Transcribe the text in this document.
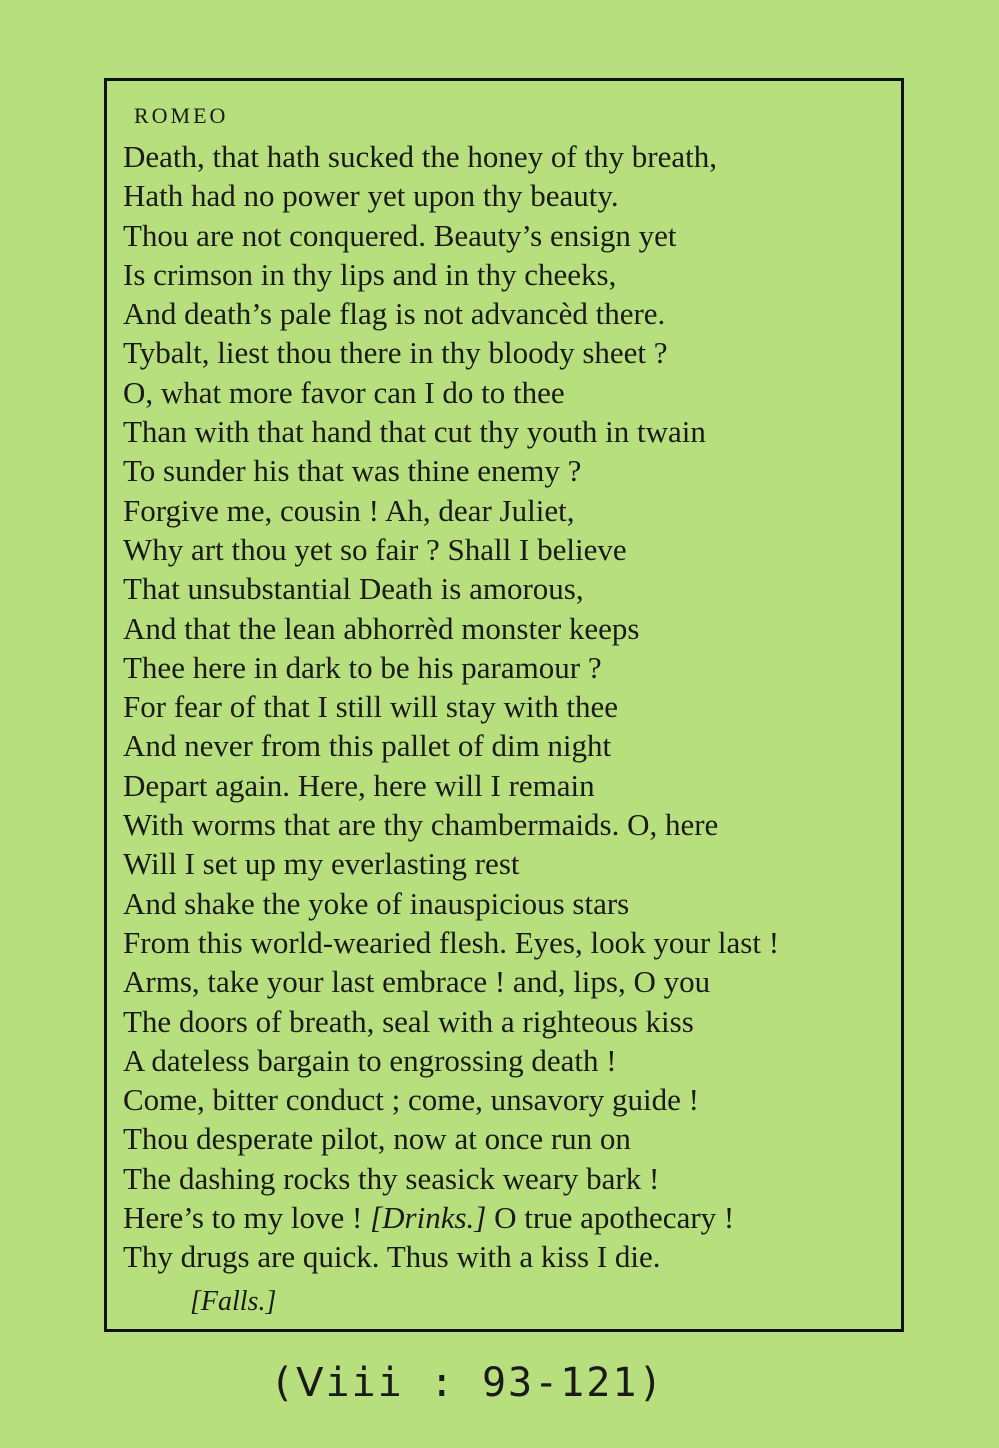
ROMEO
Death, that hath sucked the honey of thy breath,
Hath had no power yet upon thy beauty.
Thou are not conquered. Beauty’s ensign yet
Is crimson in thy lips and in thy cheeks,
And death’s pale flag is not advancèd there.
Tybalt, liest thou there in thy bloody sheet ?
O, what more favor can I do to thee
Than with that hand that cut thy youth in twain
To sunder his that was thine enemy ?
Forgive me, cousin ! Ah, dear Juliet,
Why art thou yet so fair ? Shall I believe
That unsubstantial Death is amorous,
And that the lean abhorrèd monster keeps
Thee here in dark to be his paramour ?
For fear of that I still will stay with thee
And never from this pallet of dim night
Depart again. Here, here will I remain
With worms that are thy chambermaids. O, here
Will I set up my everlasting rest
And shake the yoke of inauspicious stars
From this world-wearied flesh. Eyes, look your last !
Arms, take your last embrace ! and, lips, O you
The doors of breath, seal with a righteous kiss
A dateless bargain to engrossing death !
Come, bitter conduct ; come, unsavory guide !
Thou desperate pilot, now at once run on
The dashing rocks thy seasick weary bark !
Here’s to my love ! [Drinks.] O true apothecary !
Thy drugs are quick. Thus with a kiss I die.
[Falls.]
(Ⅴiii : 93-121)
